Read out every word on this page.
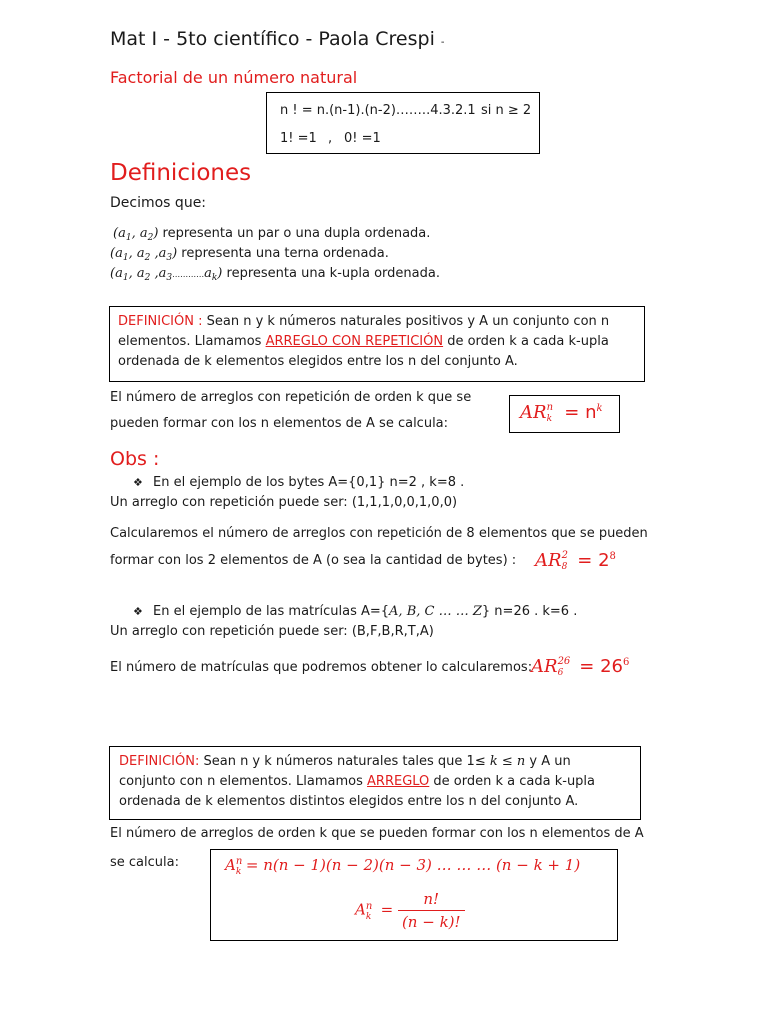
Mat I - 5to científico - Paola Crespi -
Factorial de un número natural
n ! = n.(n-1).(n-2)……..4.3.2.1 si n ≥ 2
1! =1 , 0! =1
Definiciones
Decimos que:
($a_1$, $a_2$) representa un par o una dupla ordenada.
($a_1$, $a_2$ $,a_3$) representa una terna ordenada.
($a_1$, $a_2$ $,a_3\dots\dots\dots\dots a_k$) representa una k-upla ordenada.
DEFINICIÓN : Sean n y k números naturales positivos y A un conjunto con n
elementos. Llamamos ARREGLO CON REPETICIÓN de orden k a cada k-upla
ordenada de k elementos elegidos entre los n del conjunto A.
El número de arreglos con repetición de orden k que se
pueden formar con los n elementos de A se calcula:
AR n
$k = n^k$
Obs :
❖ En el ejemplo de los bytes A={0,1} n=2 , k=8 .
Un arreglo con repetición puede ser: (1,1,1,0,0,1,0,0)
Calcularemos el número de arreglos con repetición de 8 elementos que se pueden
formar con los 2 elementos de A (o sea la cantidad de bytes) : AR 2
$8 = 2^8$
❖ En el ejemplo de las matrículas A={A, B, C … … Z} n=26 . k=6 .
Un arreglo con repetición puede ser: (B,F,B,R,T,A)
El número de matrículas que podremos obtener lo calcularemos:
AR 26
$6 = 26^6$
DEFINICIÓN: Sean n y k números naturales tales que 1≤ k ≤ n y A un
conjunto con n elementos. Llamamos ARREGLO de orden k a cada k-upla
ordenada de k elementos distintos elegidos entre los n del conjunto A.
El número de arreglos de orden k que se pueden formar con los n elementos de A
se calcula:	A n
k = n(n − 1)(n − 2)(n − 3) … … … (n − k + 1)
A n
$k = \frac{n!}{(n - k)!}$
